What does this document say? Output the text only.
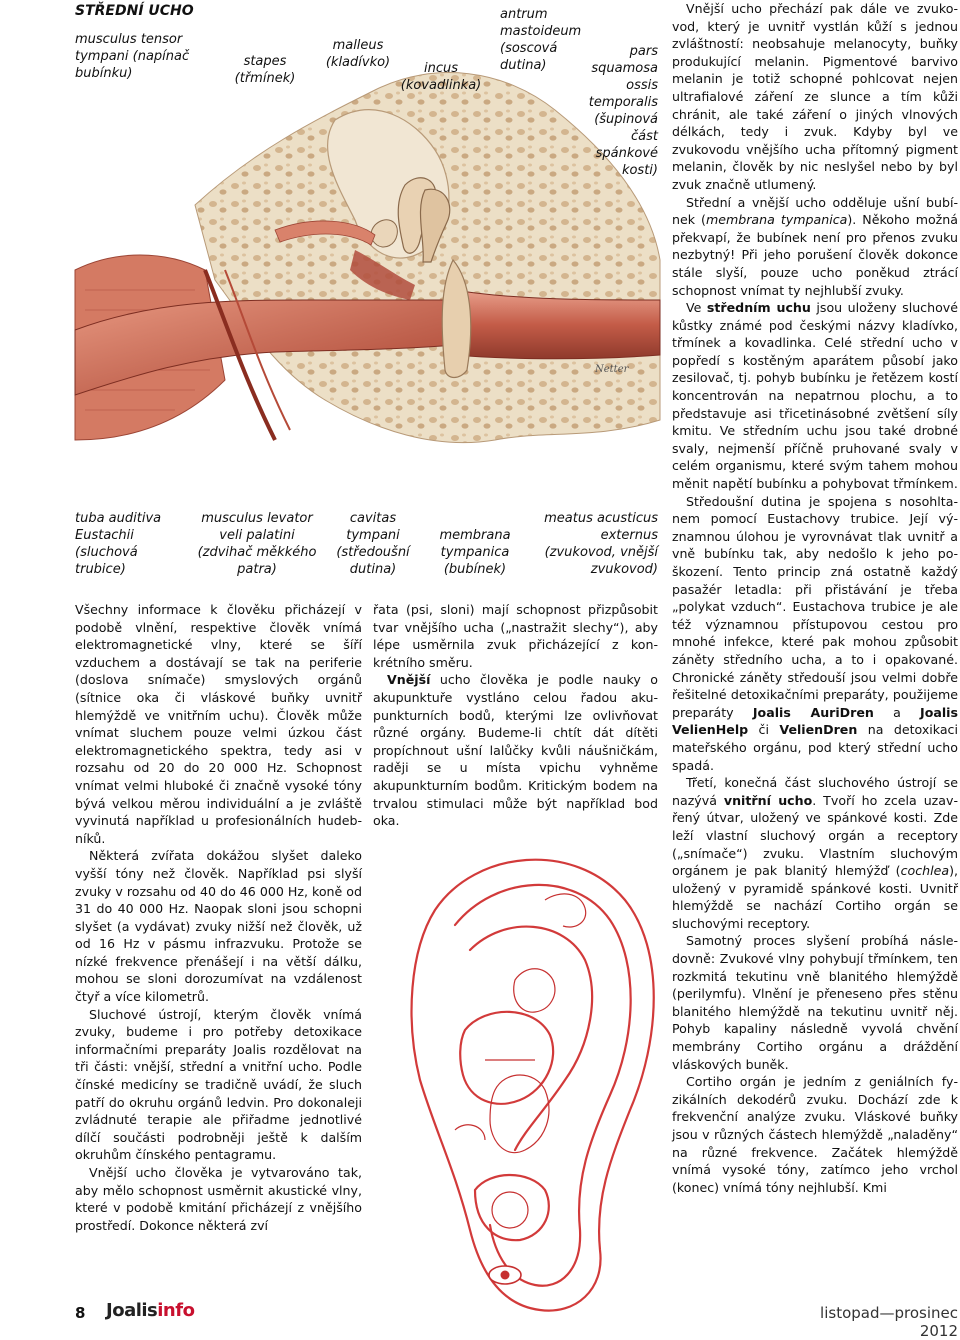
Netter
STŘEDNÍ UCHO
musculus tensor
tympani (napínač
bubínku)
stapes
(třmínek)
malleus
(kladívko)	incus
(kovadlinka)
antrum
mastoideum
(soscová
dutina)
pars
squamosa
ossis
temporalis
(šupinová
část
spánkové
kosti)
tuba auditiva
Eustachii
(sluchová
trubice)
musculus levator
veli palatini
(zdvihač měkkého
patra)
cavitas
tympani
(středoušní
dutina)
membrana
tympanica
(bubínek)
meatus acusticus
externus
(zvukovod, vnější
zvukovod)

Všechny informace k člověku přicházejí v podobě vlnění, respektive člověk vnímá elektromagnetické vlny, které se šíří vzduchem a dostávají se tak na periferie (doslova snímače) smyslových orgánů (sítnice oka či vláskové buňky uvnitř hlemýždě ve vnitřním uchu). Člověk může vnímat sluchem pouze velmi úzkou část elektromagnetického spektra, tedy asi v rozsahu od 20 do 20 000 Hz. Schopnost vnímat velmi hluboké či značně vysoké tóny bývá velkou měrou individuální a je zvláště vyvinutá například u profesionálních hudebníků.

Některá zvířata dokážou slyšet daleko vyšší tóny než člověk. Například psi slyší zvuky v rozsahu od 40 do 46 000 Hz, koně od 31 do 40 000 Hz. Naopak sloni jsou schopni slyšet (a vydávat) zvuky nižší než člověk, už od 16 Hz v pásmu infrazvuku. Protože se nízké frekvence přenášejí i na větší dálku, mohou se sloni dorozumívat na vzdálenost čtyř a více kilometrů.

Sluchové ústrojí, kterým člověk vnímá zvuky, budeme i pro potřeby detoxikace informačními preparáty Joalis rozdělovat na tři části: vnější, střední a vnitřní ucho. Podle čínské medicíny se tradičně uvádí, že sluch patří do okruhu orgánů ledvin. Pro dokonaleji zvládnuté terapie ale přiřadme jednotlivé dílčí součásti podrobněji ještě k dalším okruhům čínského pentagramu.

Vnější ucho člověka je vytvarováno tak, aby mělo schopnost usměrnit akustické vlny, které v podobě kmitání přicházejí z vnějšího prostředí. Dokonce některá zví

řata (psi, sloni) mají schopnost přizpůsobit tvar vnějšího ucha („nastražit slechy“), aby lépe usměrnila zvuk přicházející z konkrétního směru.

Vnější ucho člověka je podle nauky o akupunktuře vystláno celou řadou akupunkturních bodů, kterými lze ovlivňovat různé orgány. Budeme-li chtít dát dítěti propíchnout ušní lalůčky kvůli náušničkám, raději se u místa vpichu vyhněme akupunkturním bodům. Kritickým bodem na trvalou stimulaci může být například bod oka.

Vnější ucho přechází pak dále ve zvukovod, který je uvnitř vystlán kůží s jednou zvláštností: neobsahuje melanocyty, buňky produkující melanin. Pigmentové barvivo melanin je totiž schopné pohlcovat nejen ultrafialové záření ze slunce a tím kůži chránit, ale také záření o jiných vlnových délkách, tedy i zvuk. Kdyby byl ve zvukovodu vnějšího ucha přítomný pigment melanin, člověk by nic neslyšel nebo by byl zvuk značně utlumený.

Střední a vnější ucho odděluje ušní bubínek (membrana tympanica). Někoho možná překvapí, že bubínek není pro přenos zvuku nezbytný! Při jeho porušení člověk dokonce stále slyší, pouze ucho poněkud ztrácí schopnost vnímat ty nejhlubší zvuky.

Ve středním uchu jsou uloženy sluchové kůstky známé pod českými názvy kladívko, třmínek a kovadlinka. Celé střední ucho v popředí s kostěným aparátem působí jako zesilovač, tj. pohyb bubínku je řetězem kostí koncentrován na nepatrnou plochu, a to představuje asi třicetinásobné zvětšení síly kmitu. Ve středním uchu jsou také drobné svaly, nejmenší příčně pruhované svaly v celém organismu, které svým tahem mohou měnit napětí bubínku a pohybovat třmínkem.

Středoušní dutina je spojena s nosohltanem pomocí Eustachovy trubice. Její významnou úlohou je vyrovnávat tlak uvnitř a vně bubínku tak, aby nedošlo k jeho poškození. Tento princip zná ostatně každý pasažér letadla: při přistávání je třeba „polykat vzduch“. Eustachova trubice je ale též významnou přístupovou cestou pro mnohé infekce, které pak mohou způsobit záněty středního ucha, a to i opakované. Chronické záněty středouší jsou velmi dobře řešitelné detoxikačními preparáty, použijeme preparáty Joalis AuriDren a Joalis VelienHelp či VelienDren na detoxikaci mateřského orgánu, pod který střední ucho spadá.

Třetí, konečná část sluchového ústrojí se nazývá vnitřní ucho. Tvoří ho zcela uzavřený útvar, uložený ve spánkové kosti. Zde leží vlastní sluchový orgán a receptory („snímače“) zvuku. Vlastním sluchovým orgánem je pak blanitý hlemýžď (cochlea), uložený v pyramidě spánkové kosti. Uvnitř hlemýždě se nachází Cortiho orgán se sluchovými receptory.

Samotný proces slyšení probíhá následovně: Zvukové vlny pohybují třmínkem, ten rozkmitá tekutinu vně blanitého hlemýždě (perilymfu). Vlnění je přeneseno přes stěnu blanitého hlemýždě na tekutinu uvnitř něj. Pohyb kapaliny následně vyvolá chvění membrány Cortiho orgánu a dráždění vláskových buněk.

Cortiho orgán je jedním z geniálních fyzikálních dekodérů zvuku. Dochází zde k frekvenční analýze zvuku. Vláskové buňky jsou v různých částech hlemýždě „naladěny“ na různé frekvence. Začátek hlemýždě vnímá vysoké tóny, zatímco jeho vrchol (konec) vnímá tóny nejhlubší. Kmi

8 Joalisinfo	listopad—prosinec 2012
